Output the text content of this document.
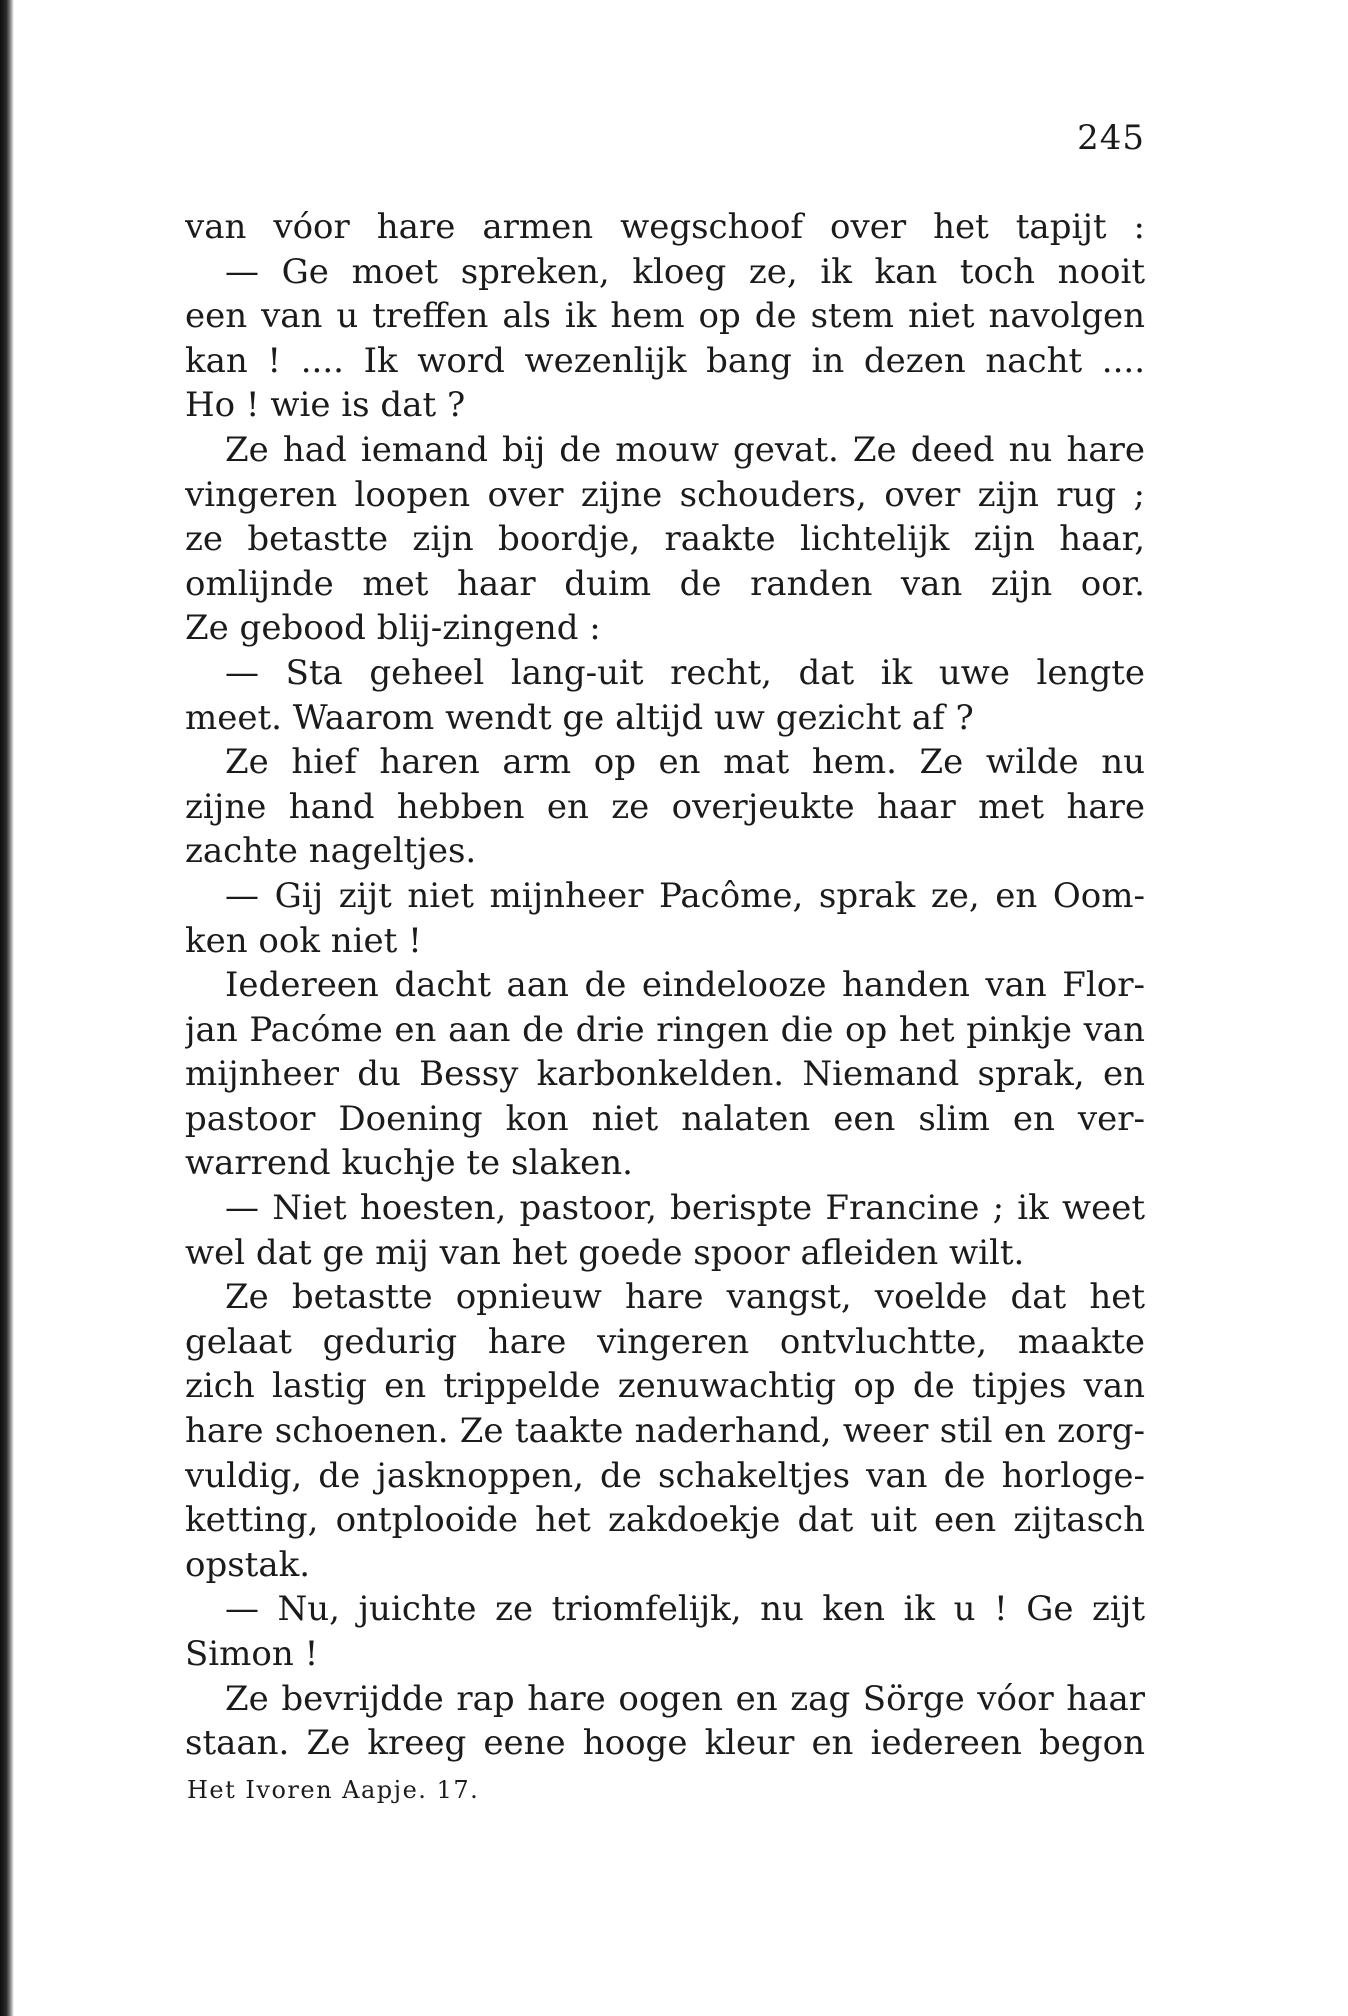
245
van vóor hare armen wegschoof over het tapijt :
— Ge moet spreken, kloeg ze, ik kan toch nooit
een van u treffen als ik hem op de stem niet navolgen
kan ! .... Ik word wezenlijk bang in dezen nacht ....
Ho ! wie is dat ?
Ze had iemand bij de mouw gevat. Ze deed nu hare
vingeren loopen over zijne schouders, over zijn rug ;
ze betastte zijn boordje, raakte lichtelijk zijn haar,
omlijnde met haar duim de randen van zijn oor.
Ze gebood blij-zingend :
— Sta geheel lang-uit recht, dat ik uwe lengte
meet. Waarom wendt ge altijd uw gezicht af ?
Ze hief haren arm op en mat hem. Ze wilde nu
zijne hand hebben en ze overjeukte haar met hare
zachte nageltjes.
— Gij zijt niet mijnheer Pacôme, sprak ze, en Oom-
ken ook niet !
Iedereen dacht aan de eindelooze handen van Flor-
jan Pacóme en aan de drie ringen die op het pinkje van
mijnheer du Bessy karbonkelden. Niemand sprak, en
pastoor Doening kon niet nalaten een slim en ver-
warrend kuchje te slaken.
— Niet hoesten, pastoor, berispte Francine ; ik weet
wel dat ge mij van het goede spoor afleiden wilt.
Ze betastte opnieuw hare vangst, voelde dat het
gelaat gedurig hare vingeren ontvluchtte, maakte
zich lastig en trippelde zenuwachtig op de tipjes van
hare schoenen. Ze taakte naderhand, weer stil en zorg-
vuldig, de jasknoppen, de schakeltjes van de horloge-
ketting, ontplooide het zakdoekje dat uit een zijtasch
opstak.
— Nu, juichte ze triomfelijk, nu ken ik u ! Ge zijt
Simon !
Ze bevrijdde rap hare oogen en zag Sörge vóor haar
staan. Ze kreeg eene hooge kleur en iedereen begon
Het Ivoren Aapje. 17.
